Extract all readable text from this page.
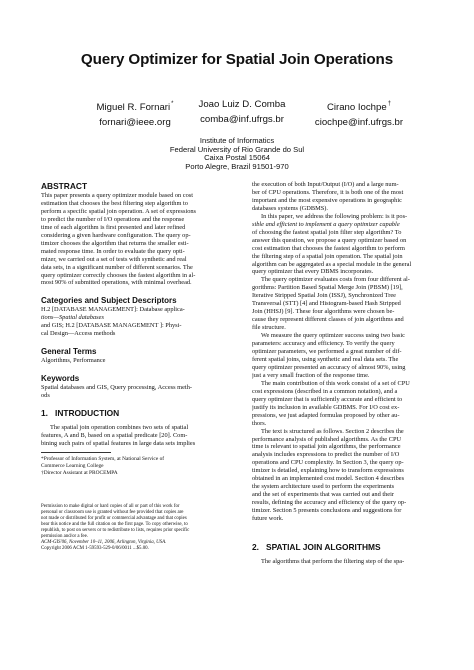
Query Optimizer for Spatial Join Operations
Miguel R. Fornari*
fornari@ieee.org
Joao Luiz D. Comba
comba@inf.ufrgs.br
Cirano Iochpe†
ciochpe@inf.ufrgs.br
Institute of Informatics
Federal University of Rio Grande do Sul
Caixa Postal 15064
Porto Alegre, Brazil 91501-970
ABSTRACT
This paper presents a query optimizer module based on cost
estimation that chooses the best filtering step algorithm to
perform a specific spatial join operation. A set of expressions
to predict the number of I/O operations and the response
time of each algorithm is first presented and later refined
considering a given hardware configuration. The query op-
timizer chooses the algorithm that returns the smaller esti-
mated response time. In order to evaluate the query opti-
mizer, we carried out a set of tests with synthetic and real
data sets, in a significant number of different scenarios. The
query optimizer correctly chooses the fastest algorithm in al-
most 90% of submitted operations, with minimal overhead.
Categories and Subject Descriptors
H.2 [DATABASE MANAGEMENT]: Database applica-
tions—Spatial databases
and GIS; H.2 [DATABASE MANAGEMENT ]: Physi-
cal Design—Access methods
General Terms
Algorithms, Performance
Keywords
Spatial databases and GIS, Query processing, Access meth-
ods
1. INTRODUCTION
The spatial join operation combines two sets of spatial
features, A and B, based on a spatial predicate [20]. Com-
bining such pairs of spatial features in large data sets implies
*Professor of Information System, at National Service of
Commerce Learning College
†Director Assistant at PROCEMPA
Permission to make digital or hard copies of all or part of this work for
personal or classroom use is granted without fee provided that copies are
not made or distributed for profit or commercial advantage and that copies
bear this notice and the full citation on the first page. To copy otherwise, to
republish, to post on servers or to redistribute to lists, requires prior specific
permission and/or a fee.
ACM-GIS'06, November 10–11, 2006, Arlington, Virginia, USA.
Copyright 2006 ACM 1-59593-529-0/06/0011 ...$5.00.
the execution of both Input/Output (I/O) and a large num-
ber of CPU operations. Therefore, it is both one of the most
important and the most expensive operations in geographic
databases systems (GDBMS).
In this paper, we address the following problem: is it pos-
sible and efficient to implement a query optimizer capable
of choosing the fastest spatial join filter step algorithm? To
answer this question, we propose a query optimizer based on
cost estimation that chooses the fastest algorithm to perform
the filtering step of a spatial join operation. The spatial join
algorithm can be aggregated as a special module in the general
query optimizer that every DBMS incorporates.
The query optimizer evaluates costs from four different al-
gorithms: Partition Based Spatial Merge Join (PBSM) [19],
Iterative Stripped Spatial Join (ISSJ), Synchronized Tree
Transversal (STT) [4] and Histogram-based Hash Stripped
Join (HHSJ) [9]. These four algorithms were chosen be-
cause they represent different classes of join algorithms and
file structure.
We measure the query optimizer success using two basic
parameters: accuracy and efficiency. To verify the query
optimizer parameters, we performed a great number of dif-
ferent spatial joins, using synthetic and real data sets. The
query optimizer presented an accuracy of almost 90%, using
just a very small fraction of the response time.
The main contribution of this work consist of a set of CPU
cost expressions (described in a common notation), and a
query optimizer that is sufficiently accurate and efficient to
justify its inclusion in available GDBMS. For I/O cost ex-
pressions, we just adapted formulas proposed by other au-
thors.
The text is structured as follows. Section 2 describes the
performance analysis of published algorithms. As the CPU
time is relevant to spatial join algorithms, the performance
analysis includes expressions to predict the number of I/O
operations and CPU complexity. In Section 3, the query op-
timizer is detailed, explaining how to transform expressions
obtained in an implemented cost model. Section 4 describes
the system architecture used to perform the experiments
and the set of experiments that was carried out and their
results, defining the accuracy and efficiency of the query op-
timizer. Section 5 presents conclusions and suggestions for
future work.
2. SPATIAL JOIN ALGORITHMS
The algorithms that perform the filtering step of the spa-
